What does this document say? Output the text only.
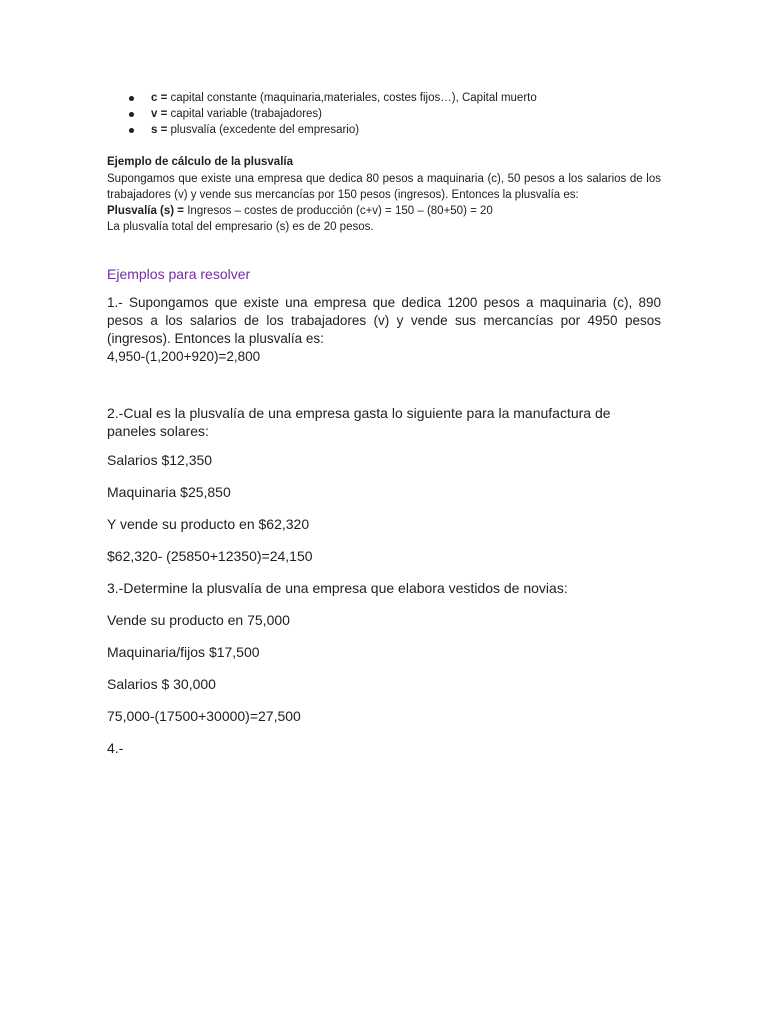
c = capital constante (maquinaria,materiales, costes fijos…), Capital muerto
v = capital variable (trabajadores)
s = plusvalía (excedente del empresario)
Ejemplo de cálculo de la plusvalía

Supongamos que existe una empresa que dedica 80 pesos a maquinaria (c), 50 pesos a los salarios de los trabajadores (v) y vende sus mercancías por 150 pesos (ingresos). Entonces la plusvalía es:

Plusvalía (s) = Ingresos – costes de producción (c+v) = 150 – (80+50) = 20

La plusvalía total del empresario (s) es de 20 pesos.

Ejemplos para resolver

1.- Supongamos que existe una empresa que dedica 1200 pesos a maquinaria (c), 890 pesos a los salarios de los trabajadores (v) y vende sus mercancías por 4950 pesos (ingresos). Entonces la plusvalía es:

4,950-(1,200+920)=2,800

2.-Cual es la plusvalía de una empresa gasta lo siguiente para la manufactura de paneles solares:

Salarios $12,350

Maquinaria $25,850

Y vende su producto en $62,320

$62,320- (25850+12350)=24,150

3.-Determine la plusvalía de una empresa que elabora vestidos de novias:

Vende su producto en 75,000

Maquinaria/fijos $17,500

Salarios $ 30,000

75,000-(17500+30000)=27,500

4.-
